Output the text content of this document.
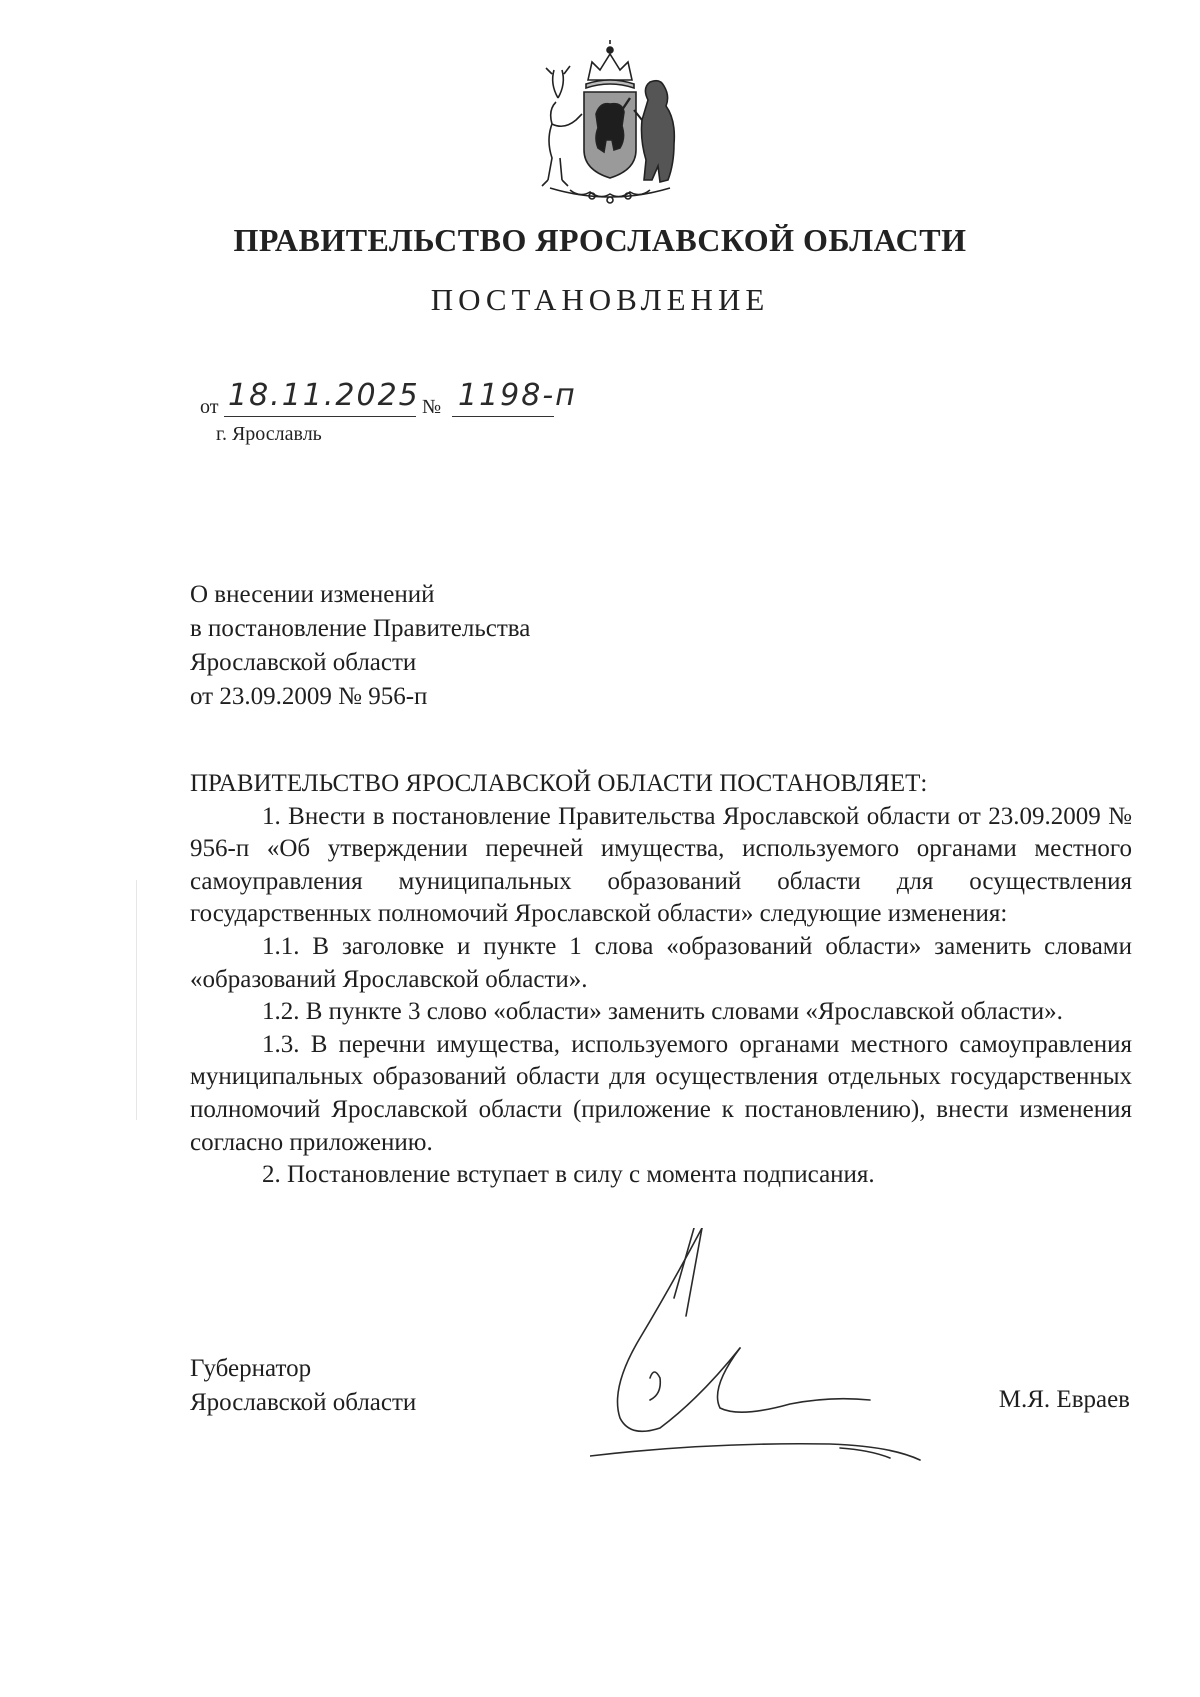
ПРАВИТЕЛЬСТВО ЯРОСЛАВСКОЙ ОБЛАСТИ
ПОСТАНОВЛЕНИЕ
от 18.11.2025 № 1198-п
г. Ярославль
О внесении изменений
в постановление Правительства
Ярославской области
от 23.09.2009 № 956-п

ПРАВИТЕЛЬСТВО ЯРОСЛАВСКОЙ ОБЛАСТИ ПОСТАНОВЛЯЕТ:

1. Внести в постановление Правительства Ярославской области от 23.09.2009 № 956-п «Об утверждении перечней имущества, используемого органами местного самоуправления муниципальных образований области для осуществления государственных полномочий Ярославской области» следующие изменения:

1.1. В заголовке и пункте 1 слова «образований области» заменить словами «образований Ярославской области».

1.2. В пункте 3 слово «области» заменить словами «Ярославской области».

1.3. В перечни имущества, используемого органами местного самоуправления муниципальных образований области для осуществления отдельных государственных полномочий Ярославской области (приложение к постановлению), внести изменения согласно приложению.

2. Постановление вступает в силу с момента подписания.

Губернатор
Ярославской области	М.Я. Евраев
